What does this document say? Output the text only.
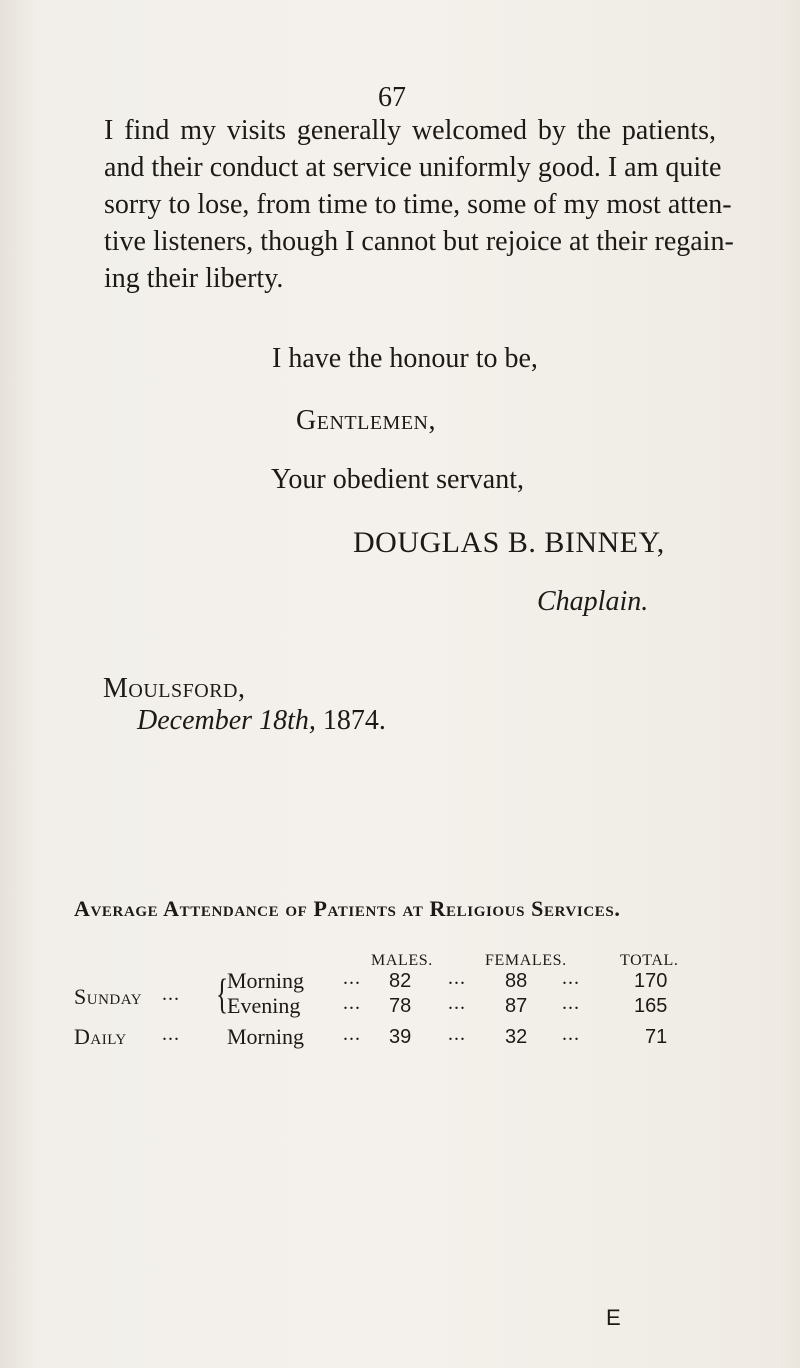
67
I find my visits generally welcomed by the patients,
and their conduct at service uniformly good. I am quite
sorry to lose, from time to time, some of my most atten-
tive listeners, though I cannot but rejoice at their regain-
ing their liberty.
I have the honour to be,
Gentlemen,
Your obedient servant,
DOUGLAS B. BINNEY,
Chaplain.
Moulsford,
December 18th, 1874.
Average Attendance of Patients at Religious Services.
MALES.	FEMALES.	TOTAL.
Sunday ... {
Morning ... 82 ... 88 ...	170
Evening ... 78 ... 87 ...	165
Daily ... Morning ... 39 ... 32 ...	71
E
